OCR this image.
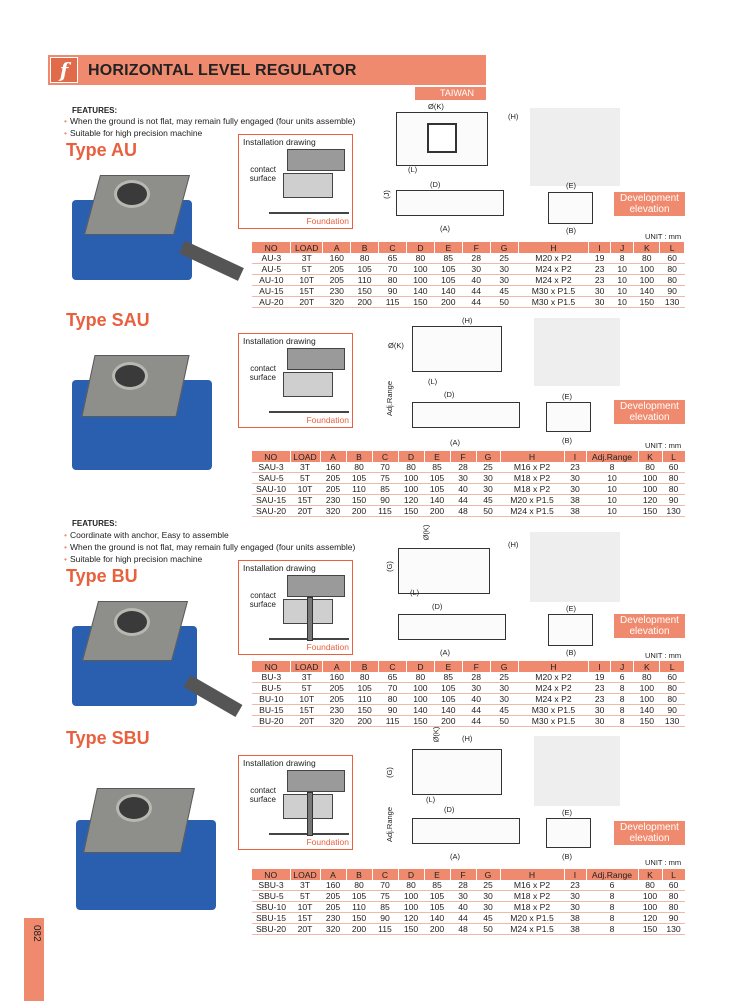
f	HORIZONTAL LEVEL REGULATOR
TAIWAN
FEATURES:
• When the ground is not flat, may remain fully engaged (four units assemble)
• Suitable for high precision machine
Type AU	Installation drawing
contact surface
Foundation
Ø(K)
(H)
(L)
(D)
(J)
(A)
(E)
(B)
Development elevation
UNIT : mm
NO	LOAD	A	B	C	D	E	F	G	H	I	J	K	L
AU-3	3T	160	80	65	80	85	28	25	M20 x P2	19	8	80	60
AU-5	5T	205	105	70	100	105	30	30	M24 x P2	23	10	100	80
AU-10	10T	205	110	80	100	105	40	30	M24 x P2	23	10	100	80
AU-15	15T	230	150	90	140	140	44	45	M30 x P1.5	30	10	140	90
AU-20	20T	320	200	115	150	200	44	50	M30 x P1.5	30	10	150	130
Type SAU
Installation drawing
contact surface
Foundation
Ø(K)
(H)
(L)
(D)
Adj.Range
(A)
(E)
(B)
Development elevation
UNIT : mm
NO	LOAD	A	B	C	D	E	F	G	H	I	Adj.Range	K	L
SAU-3	3T	160	80	70	80	85	28	25	M16 x P2	23	8	80	60
SAU-5	5T	205	105	75	100	105	30	30	M18 x P2	30	10	100	80
SAU-10	10T	205	110	85	100	105	40	30	M18 x P2	30	10	100	80
SAU-15	15T	230	150	90	120	140	44	45	M20 x P1.5	38	10	120	90
SAU-20	20T	320	200	115	150	200	48	50	M24 x P1.5	38	10	150	130
FEATURES:
• Coordinate with anchor, Easy to assemble
• When the ground is not flat, may remain fully engaged (four units assemble)
• Suitable for high precision machine
Type BU	Installation drawing
contact surface
Foundation
Ø(K)
(H)
(G)
(L)
(D)
(A)
(E)
(B)
Development elevation
UNIT : mm
NO	LOAD	A	B	C	D	E	F	G	H	I	J	K	L
BU-3	3T	160	80	65	80	85	28	25	M20 x P2	19	6	80	60
BU-5	5T	205	105	70	100	105	30	30	M24 x P2	23	8	100	80
BU-10	10T	205	110	80	100	105	40	30	M24 x P2	23	8	100	80
BU-15	15T	230	150	90	140	140	44	45	M30 x P1.5	30	8	140	90
BU-20	20T	320	200	115	150	200	44	50	M30 x P1.5	30	8	150	130
Type SBU
Installation drawing
contact surface
Foundation
Ø(K)	(H)
(G)
(L)
(D)
Adj.Range
(A)
(E)
(B)
Development elevation
UNIT : mm
NO	LOAD	A	B	C	D	E	F	G	H	I	Adj.Range	K	L
SBU-3	3T	160	80	70	80	85	28	25	M16 x P2	23	6	80	60
SBU-5	5T	205	105	75	100	105	30	30	M18 x P2	30	8	100	80
SBU-10	10T	205	110	85	100	105	40	30	M18 x P2	30	8	100	80
SBU-15	15T	230	150	90	120	140	44	45	M20 x P1.5	38	8	120	90
SBU-20	20T	320	200	115	150	200	48	50	M24 x P1.5	38	8	150	130
082
